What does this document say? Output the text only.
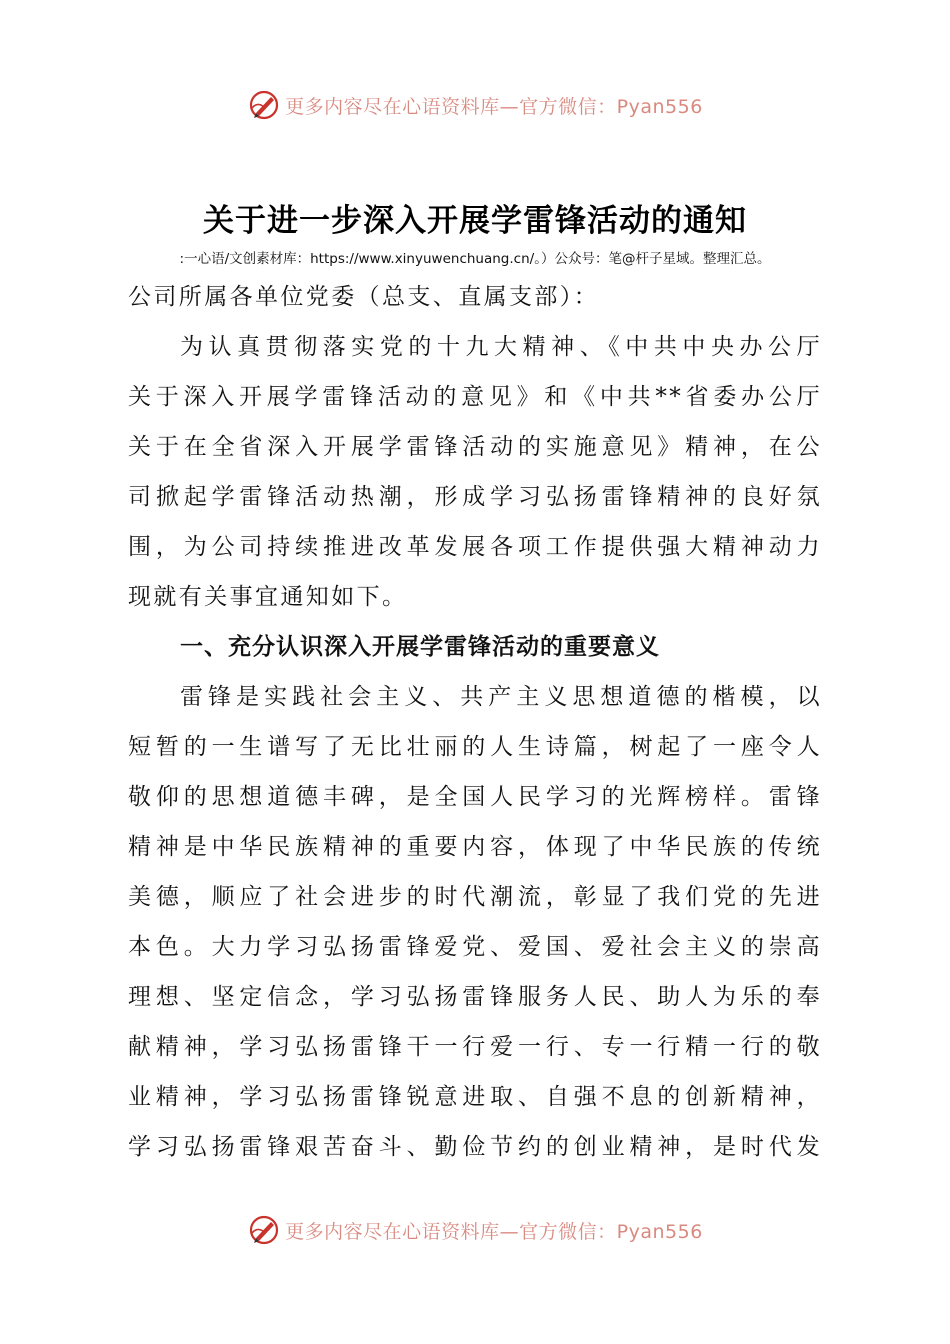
更多内容尽在心语资料库—官方微信：Pyan556
关于进一步深入开展学雷锋活动的通知
:一心语/文创素材库：https://www.xinyuwenchuang.cn/。）公众号：笔@杆子星域。整理汇总。
公司所属各单位党委（总支、直属支部）：
为认真贯彻落实党的十九大精神、《中共中央办公厅
关于深入开展学雷锋活动的意见》和《中共**省委办公厅
关于在全省深入开展学雷锋活动的实施意见》精神，在公
司掀起学雷锋活动热潮，形成学习弘扬雷锋精神的良好氛
围，为公司持续推进改革发展各项工作提供强大精神动力
现就有关事宜通知如下。
一、充分认识深入开展学雷锋活动的重要意义
雷锋是实践社会主义、共产主义思想道德的楷模，以
短暂的一生谱写了无比壮丽的人生诗篇，树起了一座令人
敬仰的思想道德丰碑，是全国人民学习的光辉榜样。雷锋
精神是中华民族精神的重要内容，体现了中华民族的传统
美德，顺应了社会进步的时代潮流，彰显了我们党的先进
本色。大力学习弘扬雷锋爱党、爱国、爱社会主义的崇高
理想、坚定信念，学习弘扬雷锋服务人民、助人为乐的奉
献精神，学习弘扬雷锋干一行爱一行、专一行精一行的敬
业精神，学习弘扬雷锋锐意进取、自强不息的创新精神，
学习弘扬雷锋艰苦奋斗、勤俭节约的创业精神，是时代发
更多内容尽在心语资料库—官方微信：Pyan556
